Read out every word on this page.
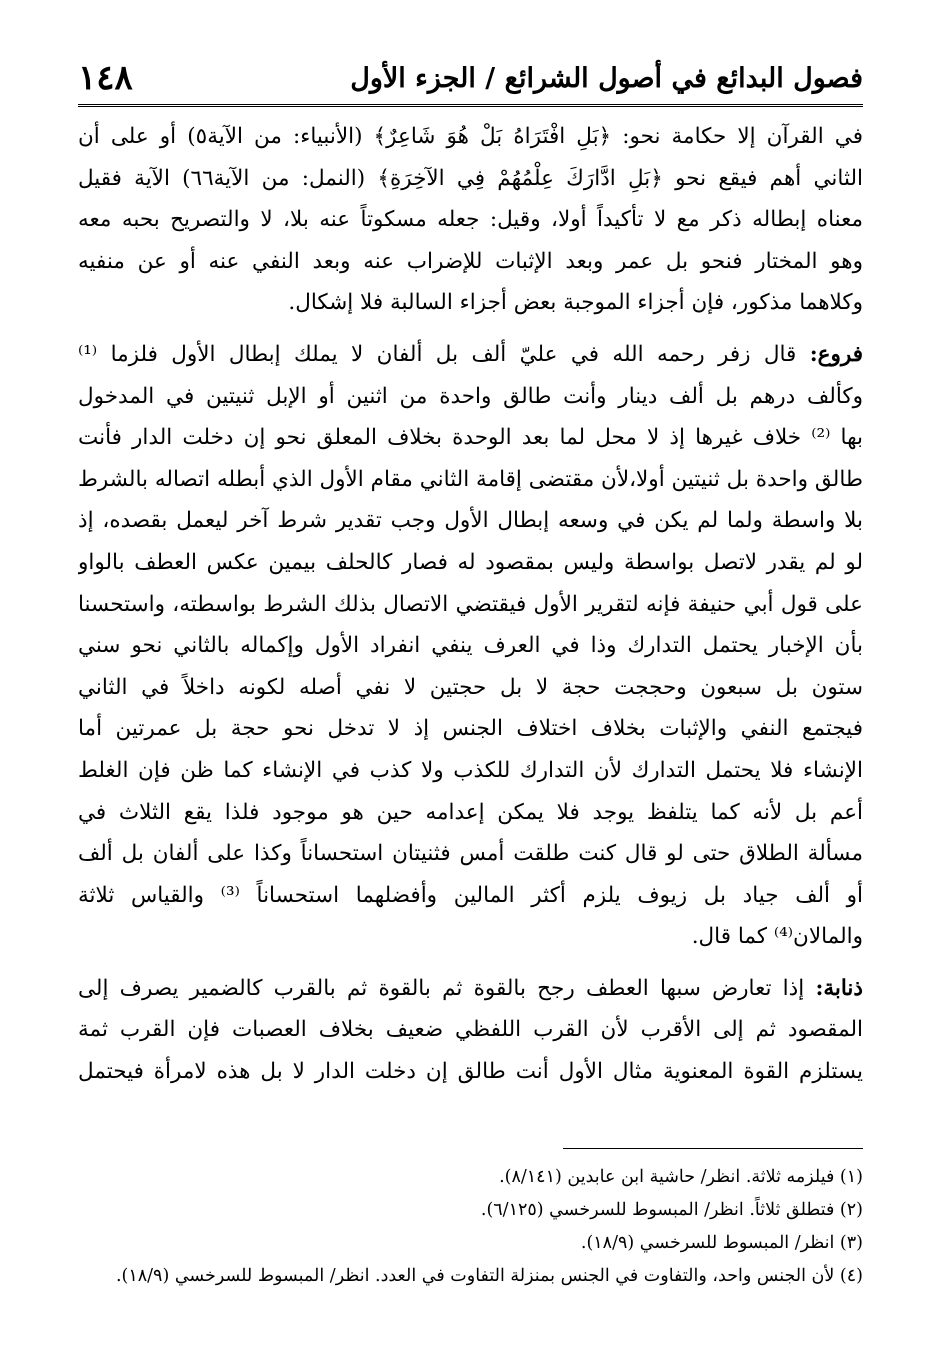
١٤٨	فصول البدائع في أصول الشرائع / الجزء الأول
في القرآن إلا حكامة نحو: ﴿بَلِ افْتَرَاهُ بَلْ هُوَ شَاعِرٌ﴾ (الأنبياء: من الآية٥) أو على أن
الثاني أهم فيقع نحو ﴿بَلِ ادَّارَكَ عِلْمُهُمْ فِي الآخِرَةِ﴾ (النمل: من الآية٦٦) الآية فقيل
معناه إبطاله ذكر مع لا تأكيداً أولا، وقيل: جعله مسكوتاً عنه بلا، لا والتصريح بحبه معه
وهو المختار فنحو بل عمر وبعد الإثبات للإضراب عنه وبعد النفي عنه أو عن منفيه
وكلاهما مذكور، فإن أجزاء الموجبة بعض أجزاء السالبة فلا إشكال.
فروع: قال زفر رحمه الله في عليّ ألف بل ألفان لا يملك إبطال الأول فلزما ⁽¹⁾
وكألف درهم بل ألف دينار وأنت طالق واحدة من اثنين أو الإبل ثنيتين في المدخول
بها ⁽²⁾ خلاف غيرها إذ لا محل لما بعد الوحدة بخلاف المعلق نحو إن دخلت الدار فأنت
طالق واحدة بل ثنيتين أولا،لأن مقتضى إقامة الثاني مقام الأول الذي أبطله اتصاله بالشرط
بلا واسطة ولما لم يكن في وسعه إبطال الأول وجب تقدير شرط آخر ليعمل بقصده، إذ
لو لم يقدر لاتصل بواسطة وليس بمقصود له فصار كالحلف بيمين عكس العطف بالواو
على قول أبي حنيفة فإنه لتقرير الأول فيقتضي الاتصال بذلك الشرط بواسطته، واستحسنا
بأن الإخبار يحتمل التدارك وذا في العرف ينفي انفراد الأول وإكماله بالثاني نحو سني
ستون بل سبعون وحججت حجة لا بل حجتين لا نفي أصله لكونه داخلاً في الثاني
فيجتمع النفي والإثبات بخلاف اختلاف الجنس إذ لا تدخل نحو حجة بل عمرتين أما
الإنشاء فلا يحتمل التدارك لأن التدارك للكذب ولا كذب في الإنشاء كما ظن فإن الغلط
أعم بل لأنه كما يتلفظ يوجد فلا يمكن إعدامه حين هو موجود فلذا يقع الثلاث في
مسألة الطلاق حتى لو قال كنت طلقت أمس فثنيتان استحساناً وكذا على ألفان بل ألف
أو ألف جياد بل زيوف يلزم أكثر المالين وأفضلهما استحساناً ⁽³⁾ والقياس ثلاثة
والمالان⁽⁴⁾ كما قال.
ذنابة: إذا تعارض سبها العطف رجح بالقوة ثم بالقوة ثم بالقرب كالضمير يصرف إلى
المقصود ثم إلى الأقرب لأن القرب اللفظي ضعيف بخلاف العصبات فإن القرب ثمة
يستلزم القوة المعنوية مثال الأول أنت طالق إن دخلت الدار لا بل هذه لامرأة فيحتمل
(١) فيلزمه ثلاثة. انظر/ حاشية ابن عابدين (٨/١٤١).
(٢) فتطلق ثلاثاً. انظر/ المبسوط للسرخسي (٦/١٢٥).
(٣) انظر/ المبسوط للسرخسي (١٨/٩).
(٤) لأن الجنس واحد، والتفاوت في الجنس بمنزلة التفاوت في العدد. انظر/ المبسوط للسرخسي (١٨/٩).
